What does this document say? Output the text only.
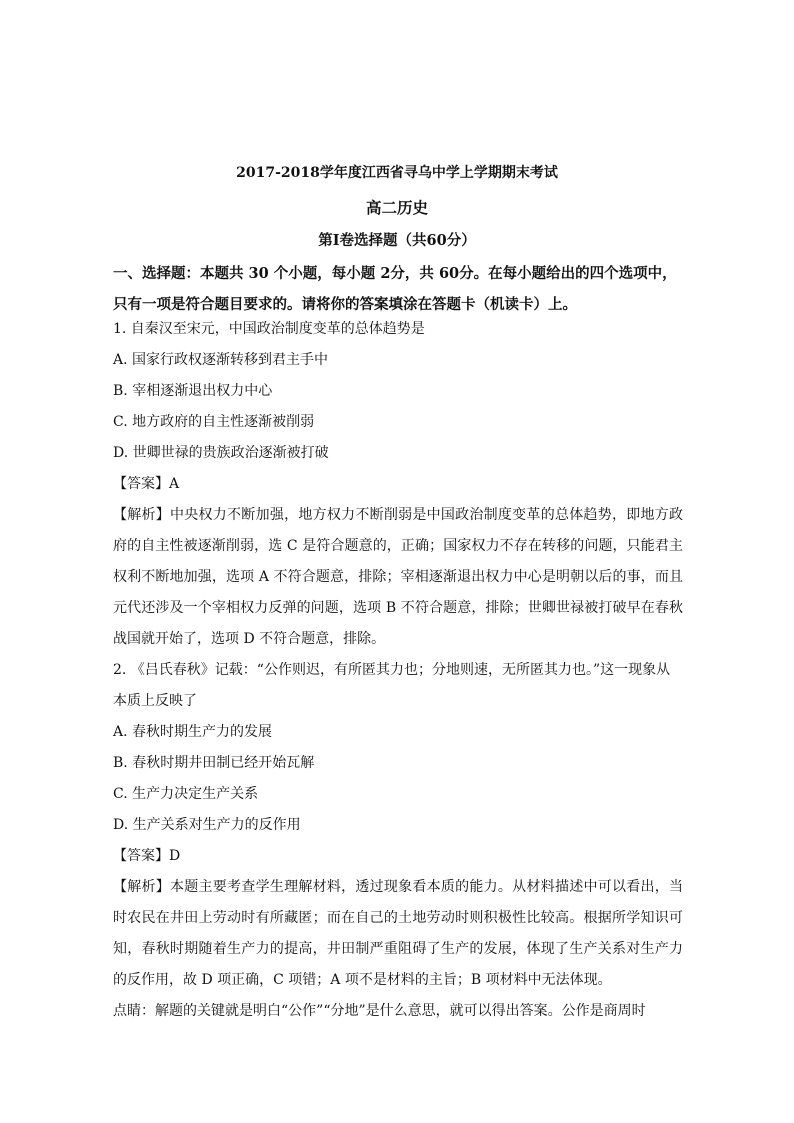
2017-2018学年度江西省寻乌中学上学期期末考试
高二历史
第I卷选择题（共60分）
一、选择题：本题共 30 个小题，每小题 2分，共 60分。在每小题给出的四个选项中，只有一项是符合题目要求的。请将你的答案填涂在答题卡（机读卡）上。

1. 自秦汉至宋元，中国政治制度变革的总体趋势是

A. 国家行政权逐渐转移到君主手中

B. 宰相逐渐退出权力中心

C. 地方政府的自主性逐渐被削弱

D. 世卿世禄的贵族政治逐渐被打破

【答案】A

【解析】中央权力不断加强，地方权力不断削弱是中国政治制度变革的总体趋势，即地方政府的自主性被逐渐削弱，选 C 是符合题意的，正确；国家权力不存在转移的问题，只能君主权利不断地加强，选项 A 不符合题意，排除；宰相逐渐退出权力中心是明朝以后的事，而且元代还涉及一个宰相权力反弹的问题，选项 B 不符合题意，排除；世卿世禄被打破早在春秋战国就开始了，选项 D 不符合题意，排除。

2. 《吕氏春秋》记载：“公作则迟，有所匿其力也；分地则速，无所匿其力也。”这一现象从本质上反映了

A. 春秋时期生产力的发展

B. 春秋时期井田制已经开始瓦解

C. 生产力决定生产关系

D. 生产关系对生产力的反作用

【答案】D

【解析】本题主要考查学生理解材料，透过现象看本质的能力。从材料描述中可以看出，当时农民在井田上劳动时有所藏匿；而在自己的土地劳动时则积极性比较高。根据所学知识可知，春秋时期随着生产力的提高，井田制严重阻碍了生产的发展，体现了生产关系对生产力的反作用，故 D 项正确，C 项错；A 项不是材料的主旨；B 项材料中无法体现。

点睛：解题的关键就是明白“公作”“分地”是什么意思，就可以得出答案。公作是商周时
